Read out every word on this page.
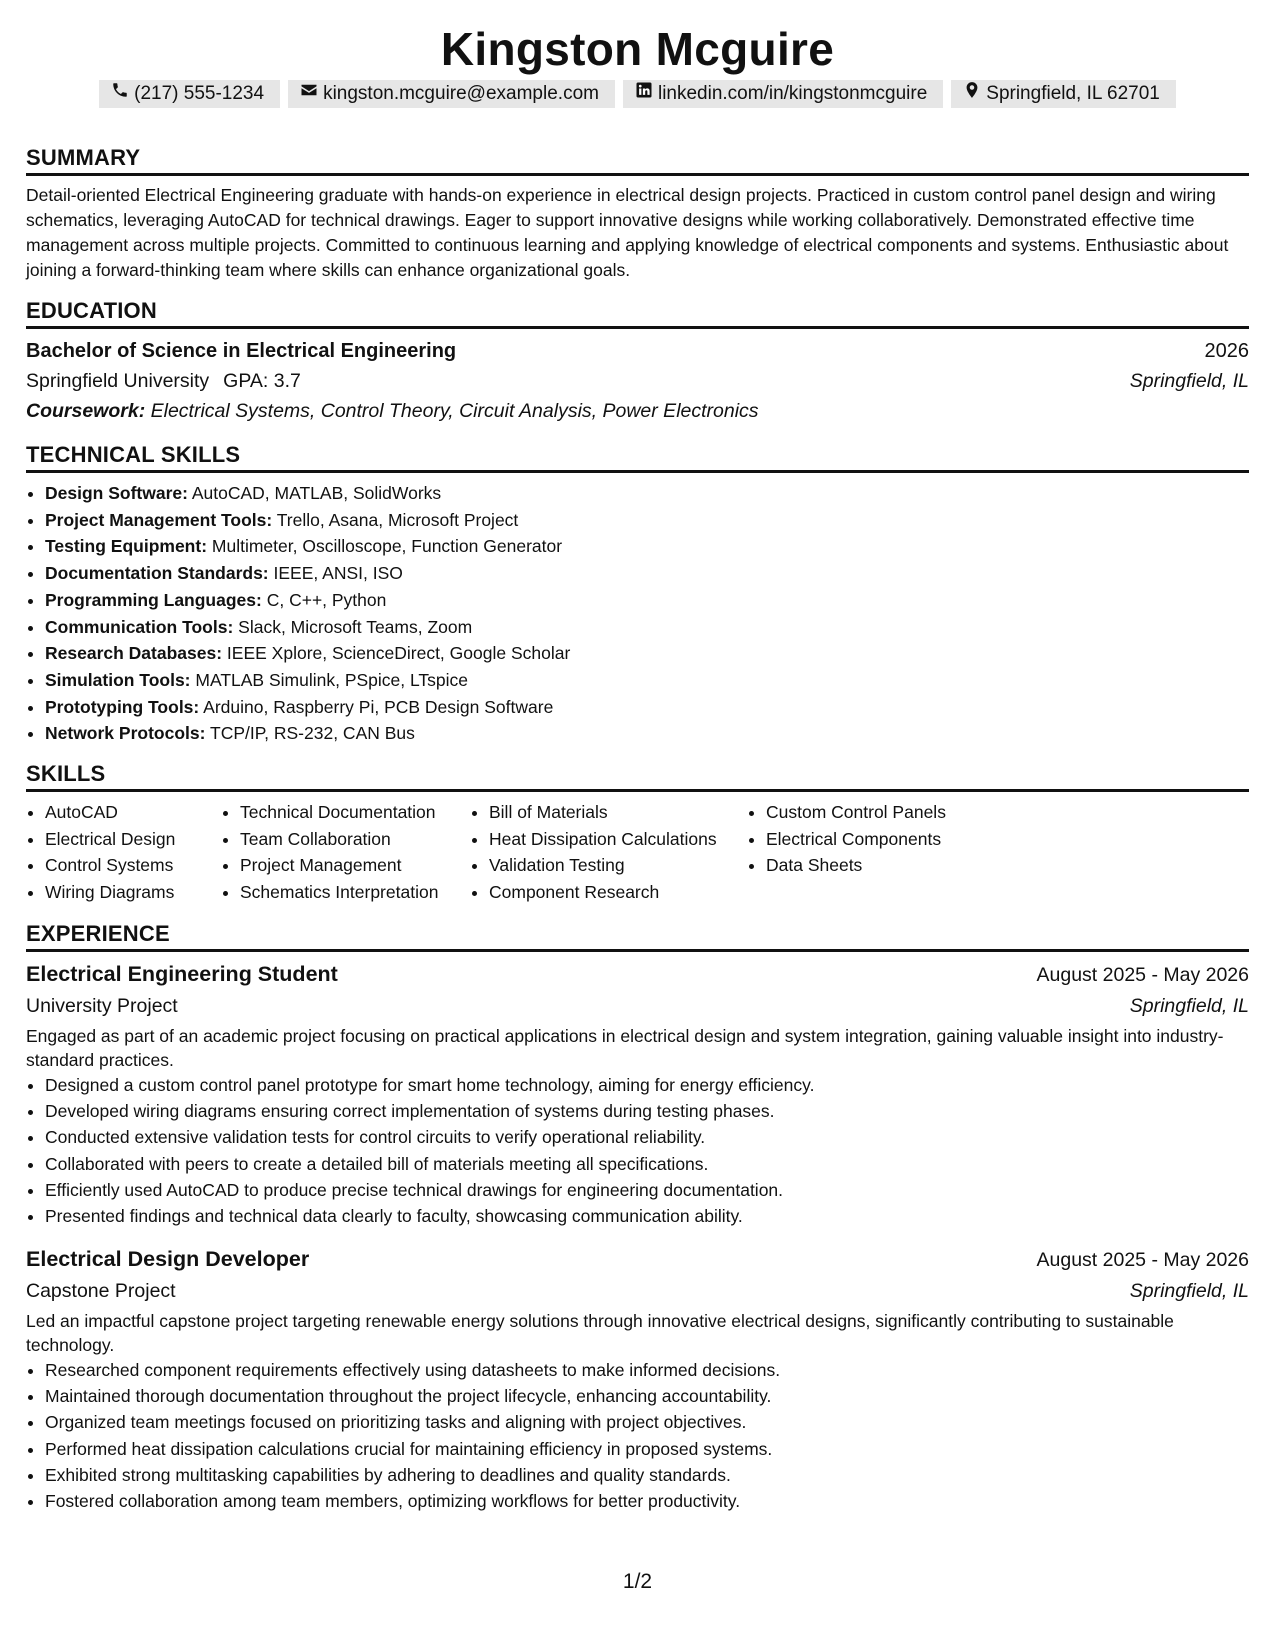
Kingston Mcguire
(217) 555-1234	kingston.mcguire@example.com	linkedin.com/in/kingstonmcguire	Springfield, IL 62701
SUMMARY

Detail-oriented Electrical Engineering graduate with hands-on experience in electrical design projects. Practiced in custom control panel design and wiring schematics, leveraging AutoCAD for technical drawings. Eager to support innovative designs while working collaboratively. Demonstrated effective time management across multiple projects. Committed to continuous learning and applying knowledge of electrical components and systems. Enthusiastic about joining a forward-thinking team where skills can enhance organizational goals.

EDUCATION
Bachelor of Science in Electrical Engineering	2026
Springfield University GPA: 3.7	Springfield, IL
Coursework: Electrical Systems, Control Theory, Circuit Analysis, Power Electronics
TECHNICAL SKILLS
• Design Software: AutoCAD, MATLAB, SolidWorks
• Project Management Tools: Trello, Asana, Microsoft Project
• Testing Equipment: Multimeter, Oscilloscope, Function Generator
• Documentation Standards: IEEE, ANSI, ISO
• Programming Languages: C, C++, Python
• Communication Tools: Slack, Microsoft Teams, Zoom
• Research Databases: IEEE Xplore, ScienceDirect, Google Scholar
• Simulation Tools: MATLAB Simulink, PSpice, LTspice
• Prototyping Tools: Arduino, Raspberry Pi, PCB Design Software
• Network Protocols: TCP/IP, RS-232, CAN Bus
SKILLS
• AutoCAD
• Electrical Design
• Control Systems
• Wiring Diagrams
• Technical Documentation
• Team Collaboration
• Project Management
• Schematics Interpretation
• Bill of Materials
• Heat Dissipation Calculations
• Validation Testing
• Component Research
• Custom Control Panels
• Electrical Components
• Data Sheets
EXPERIENCE
Electrical Engineering Student	August 2025 - May 2026
University Project	Springfield, IL

Engaged as part of an academic project focusing on practical applications in electrical design and system integration, gaining valuable insight into industry-standard practices.

• Designed a custom control panel prototype for smart home technology, aiming for energy efficiency.
• Developed wiring diagrams ensuring correct implementation of systems during testing phases.
• Conducted extensive validation tests for control circuits to verify operational reliability.
• Collaborated with peers to create a detailed bill of materials meeting all specifications.
• Efficiently used AutoCAD to produce precise technical drawings for engineering documentation.
• Presented findings and technical data clearly to faculty, showcasing communication ability.
Electrical Design Developer	August 2025 - May 2026
Capstone Project	Springfield, IL

Led an impactful capstone project targeting renewable energy solutions through innovative electrical designs, significantly contributing to sustainable technology.

• Researched component requirements effectively using datasheets to make informed decisions.
• Maintained thorough documentation throughout the project lifecycle, enhancing accountability.
• Organized team meetings focused on prioritizing tasks and aligning with project objectives.
• Performed heat dissipation calculations crucial for maintaining efficiency in proposed systems.
• Exhibited strong multitasking capabilities by adhering to deadlines and quality standards.
• Fostered collaboration among team members, optimizing workflows for better productivity.
1/2
